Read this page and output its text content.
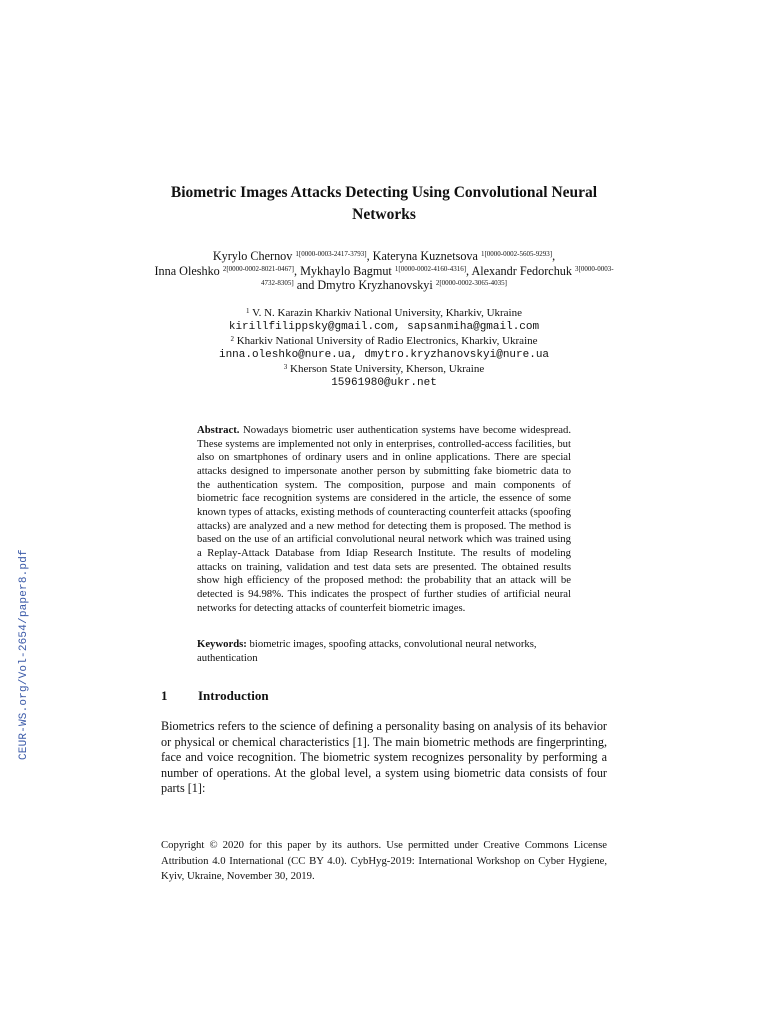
CEUR-WS.org/Vol-2654/paper8.pdf
Biometric Images Attacks Detecting Using Convolutional Neural Networks
Kyrylo Chernov $^{1[0000-0003-2417-3793]}$, Kateryna Kuznetsova $^{1[0000-0002-5605-9293]}$,
Inna Oleshko $^{2[0000-0002-8021-0467]}$, Mykhaylo Bagmut $^{1[0000-0002-4160-4316]}$, Alexandr Fedorchuk $^{3[0000-0003-4732-8305]}$ and Dmytro Kryzhanovskyi $^{2[0000-0002-3065-4035]}$
$^1$ V. N. Karazin Kharkiv National University, Kharkiv, Ukraine
kirillfilippsky@gmail.com, sapsanmiha@gmail.com
$^2$ Kharkiv National University of Radio Electronics, Kharkiv, Ukraine
inna.oleshko@nure.ua, dmytro.kryzhanovskyi@nure.ua
$^3$ Kherson State University, Kherson, Ukraine
15961980@ukr.net
Abstract. Nowadays biometric user authentication systems have become widespread. These systems are implemented not only in enterprises, controlled-access facilities, but also on smartphones of ordinary users and in online applications. There are special attacks designed to impersonate another person by submitting fake biometric data to the authentication system. The composition, purpose and main components of biometric face recognition systems are considered in the article, the essence of some known types of attacks, existing methods of counteracting counterfeit attacks (spoofing attacks) are analyzed and a new method for detecting them is proposed. The method is based on the use of an artificial convolutional neural network which was trained using a Replay-Attack Database from Idiap Research Institute. The results of modeling attacks on training, validation and test data sets are presented. The obtained results show high efficiency of the proposed method: the probability that an attack will be detected is 94.98%. This indicates the prospect of further studies of artificial neural networks for detecting attacks of counterfeit biometric images.
Keywords: biometric images, spoofing attacks, convolutional neural networks, authentication
1 Introduction
Biometrics refers to the science of defining a personality basing on analysis of its behavior or physical or chemical characteristics [1]. The main biometric methods are fingerprinting, face and voice recognition. The biometric system recognizes personality by performing a number of operations. At the global level, a system using biometric data consists of four parts [1]:
Copyright © 2020 for this paper by its authors. Use permitted under Creative Commons License Attribution 4.0 International (CC BY 4.0). CybHyg-2019: International Workshop on Cyber Hygiene, Kyiv, Ukraine, November 30, 2019.
